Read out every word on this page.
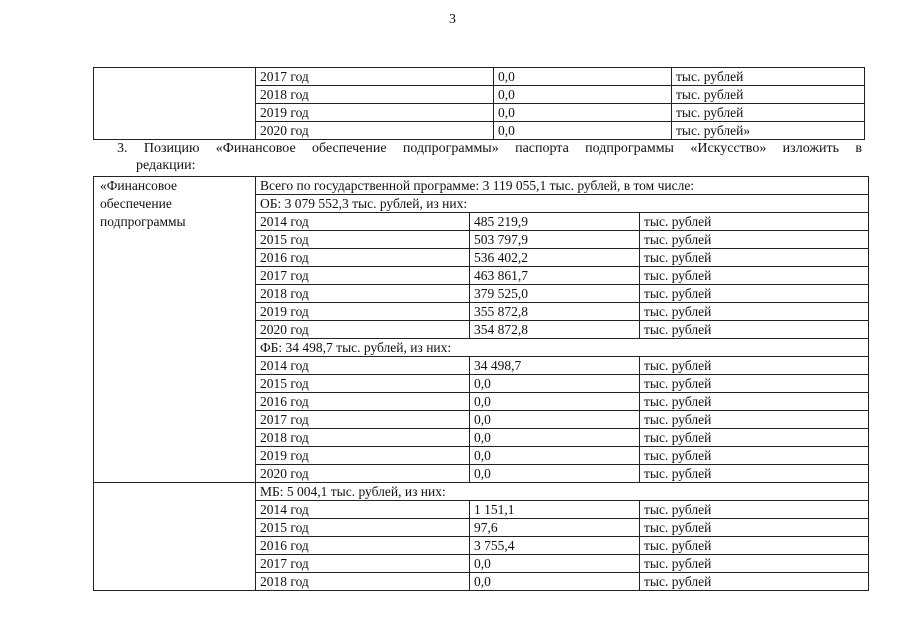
3
	2017 год	0,0	тыс. рублей
	2018 год	0,0	тыс. рублей
	2019 год	0,0	тыс. рублей
	2020 год	0,0	тыс. рублей»
3. Позицию «Финансовое обеспечение подпрограммы» паспорта подпрограммы «Искусство» изложить в
редакции:
«Финансовое
обеспечение
подпрограммы	Всего по государственной программе: 3 119 055,1 тыс. рублей, в том числе:		
	ОБ: 3 079 552,3 тыс. рублей, из них:		
	2014 год	485 219,9	тыс. рублей
	2015 год	503 797,9	тыс. рублей
	2016 год	536 402,2	тыс. рублей
	2017 год	463 861,7	тыс. рублей
	2018 год	379 525,0	тыс. рублей
	2019 год	355 872,8	тыс. рублей
	2020 год	354 872,8	тыс. рублей
	ФБ: 34 498,7 тыс. рублей, из них:		
	2014 год	34 498,7	тыс. рублей
	2015 год	0,0	тыс. рублей
	2016 год	0,0	тыс. рублей
	2017 год	0,0	тыс. рублей
	2018 год	0,0	тыс. рублей
	2019 год	0,0	тыс. рублей
	2020 год	0,0	тыс. рублей
	МБ: 5 004,1 тыс. рублей, из них:		
	2014 год	1 151,1	тыс. рублей
	2015 год	97,6	тыс. рублей
	2016 год	3 755,4	тыс. рублей
	2017 год	0,0	тыс. рублей
	2018 год	0,0	тыс. рублей
